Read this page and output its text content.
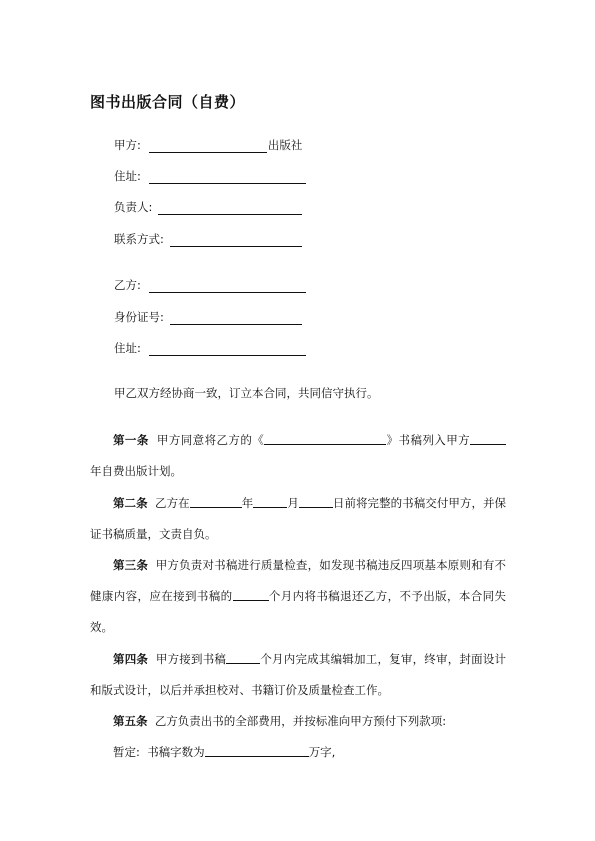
图书出版合同（自费）
甲方:	出版社
住址:
负责人:
联系方式:
乙方:
身份证号:
住址:
甲乙双方经协商一致，订立本合同，共同信守执行。
第一条 甲方同意将乙方的《	》书稿列入甲方年自费出版计划。
第二条 乙方在	年	月	日前将完整的书稿交付甲方，并保证书稿质量，文责自负。
第三条 甲方负责对书稿进行质量检查，如发现书稿违反四项基本原则和有不健康内容，应在接到书稿的	个月内将书稿退还乙方，不予出版，本合同失效。
第四条 甲方接到书稿	个月内完成其编辑加工，复审，终审，封面设计和版式设计，以后并承担校对、书籍订价及质量检查工作。
第五条 乙方负责出书的全部费用，并按标准向甲方预付下列款项:
暂定: 书稿字数为	万字,
